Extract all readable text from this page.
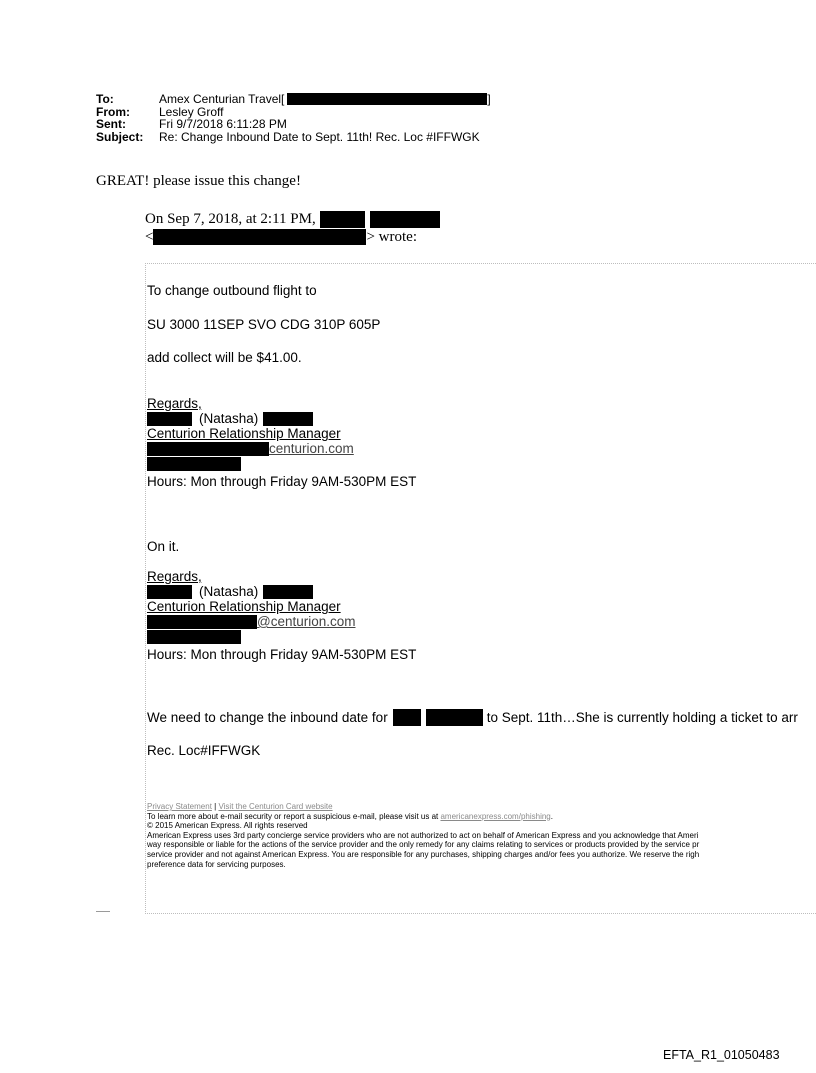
To:	Amex Centurian Travel[	]
From:	Lesley Groff
Sent:	Fri 9/7/2018 6:11:28 PM
Subject:	Re: Change Inbound Date to Sept. 11th! Rec. Loc #IFFWGK
GREAT! please issue this change!
On Sep 7, 2018, at 2:11 PM,
<	> wrote:
To change outbound flight to
SU 3000 11SEP SVO CDG 310P 605P
add collect will be $41.00.
Regards,
(Natasha)
Centurion Relationship Manager
centurion.com
Hours: Mon through Friday 9AM-530PM EST
On it.
Regards,
(Natasha)
Centurion Relationship Manager
@centurion.com
Hours: Mon through Friday 9AM-530PM EST
We need to change the inbound date for	to Sept. 11th…She is currently holding a ticket to arr
Rec. Loc#IFFWGK
Privacy Statement | Visit the Centurion Card website
To learn more about e-mail security or report a suspicious e-mail, please visit us at americanexpress.com/phishing.
© 2015 American Express. All rights reserved
American Express uses 3rd party concierge service providers who are not authorized to act on behalf of American Express and you acknowledge that Ameri
way responsible or liable for the actions of the service provider and the only remedy for any claims relating to services or products provided by the service pr
service provider and not against American Express. You are responsible for any purchases, shipping charges and/or fees you authorize. We reserve the righ
preference data for servicing purposes.
EFTA_R1_01050483
